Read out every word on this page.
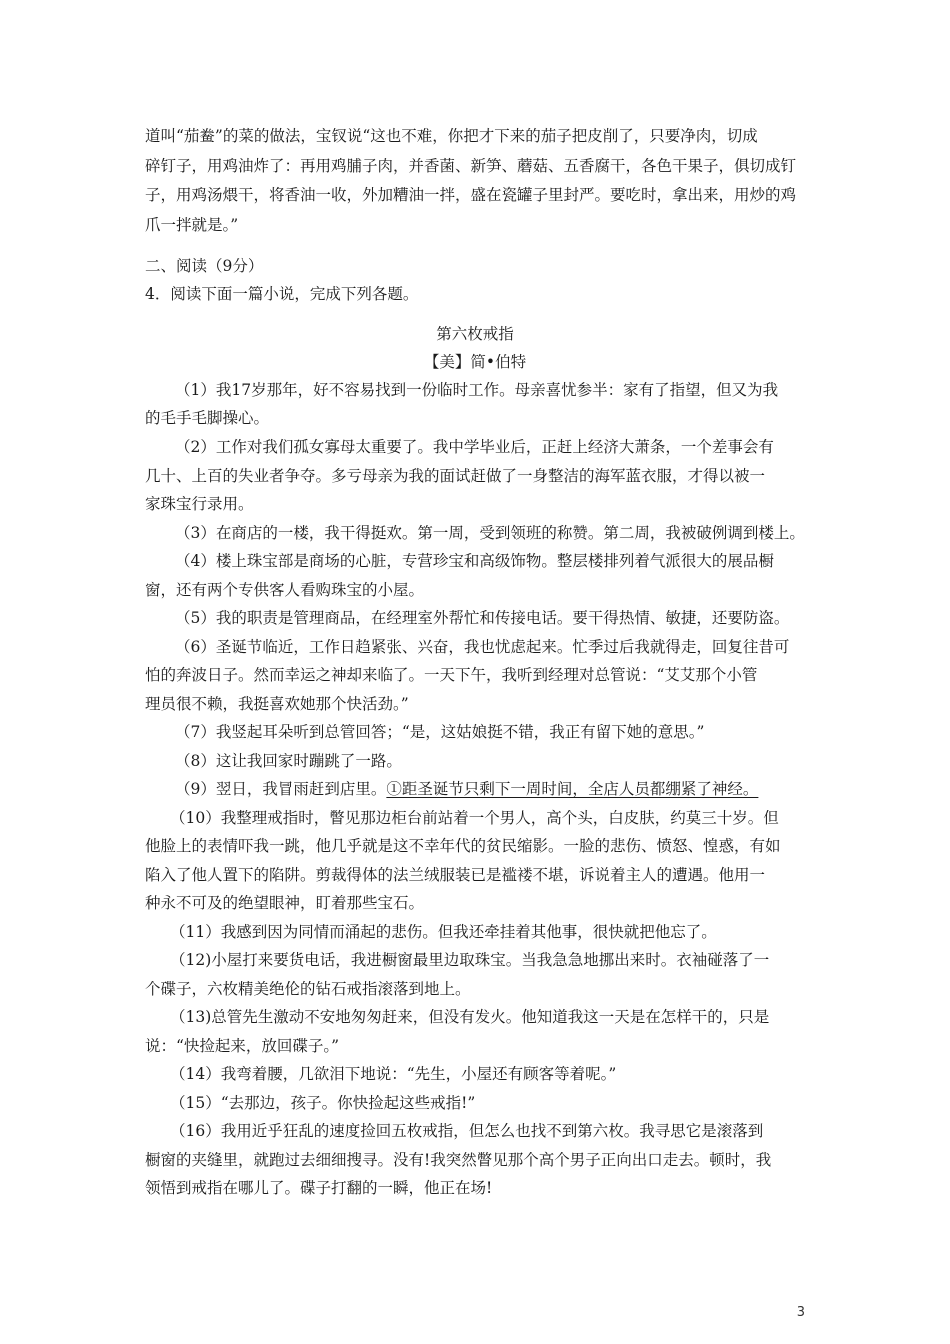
道叫“茄鲞”的菜的做法，宝钗说“这也不难，你把才下来的茄子把皮削了，只要净肉，切成
碎钉子，用鸡油炸了：再用鸡脯子肉，并香菌、新笋、蘑菇、五香腐干，各色干果子，俱切成钉
子，用鸡汤煨干，将香油一收，外加糟油一拌，盛在瓷罐子里封严。要吃时，拿出来，用炒的鸡
爪一拌就是。”
二、阅读（9分）
4．阅读下面一篇小说，完成下列各题。
第六枚戒指
【美】简•伯特
（1）我17岁那年，好不容易找到一份临时工作。母亲喜忧参半：家有了指望，但又为我
的毛手毛脚操心。
（2）工作对我们孤女寡母太重要了。我中学毕业后，正赶上经济大萧条，一个差事会有
几十、上百的失业者争夺。多亏母亲为我的面试赶做了一身整洁的海军蓝衣服，才得以被一
家珠宝行录用。
（3）在商店的一楼，我干得挺欢。第一周，受到领班的称赞。第二周，我被破例调到楼上。
（4）楼上珠宝部是商场的心脏，专营珍宝和高级饰物。整层楼排列着气派很大的展品橱
窗，还有两个专供客人看购珠宝的小屋。
（5）我的职责是管理商品，在经理室外帮忙和传接电话。要干得热情、敏捷，还要防盗。
（6）圣诞节临近，工作日趋紧张、兴奋，我也忧虑起来。忙季过后我就得走，回复往昔可
怕的奔波日子。然而幸运之神却来临了。一天下午，我听到经理对总管说：“艾艾那个小管
理员很不赖，我挺喜欢她那个快活劲。”
（7）我竖起耳朵听到总管回答；“是，这姑娘挺不错，我正有留下她的意思。”
（8）这让我回家时蹦跳了一路。
（9）翌日，我冒雨赶到店里。①距圣诞节只剩下一周时间，全店人员都绷紧了神经。
（10）我整理戒指时，瞥见那边柜台前站着一个男人，高个头，白皮肤，约莫三十岁。但
他脸上的表情吓我一跳，他几乎就是这不幸年代的贫民缩影。一脸的悲伤、愤怒、惶惑，有如
陷入了他人置下的陷阱。剪裁得体的法兰绒服装已是褴褛不堪，诉说着主人的遭遇。他用一
种永不可及的绝望眼神，盯着那些宝石。
（11）我感到因为同情而涌起的悲伤。但我还牵挂着其他事，很快就把他忘了。
（12)小屋打来要货电话，我进橱窗最里边取珠宝。当我急急地挪出来时。衣袖碰落了一
个碟子，六枚精美绝伦的钻石戒指滚落到地上。
（13)总管先生激动不安地匆匆赶来，但没有发火。他知道我这一天是在怎样干的，只是
说：“快捡起来，放回碟子。”
（14）我弯着腰，几欲泪下地说：“先生，小屋还有顾客等着呢。”
（15）“去那边，孩子。你快捡起这些戒指!”
（16）我用近乎狂乱的速度捡回五枚戒指，但怎么也找不到第六枚。我寻思它是滚落到
橱窗的夹缝里，就跑过去细细搜寻。没有!我突然瞥见那个高个男子正向出口走去。顿时，我
领悟到戒指在哪儿了。碟子打翻的一瞬，他正在场!
3
